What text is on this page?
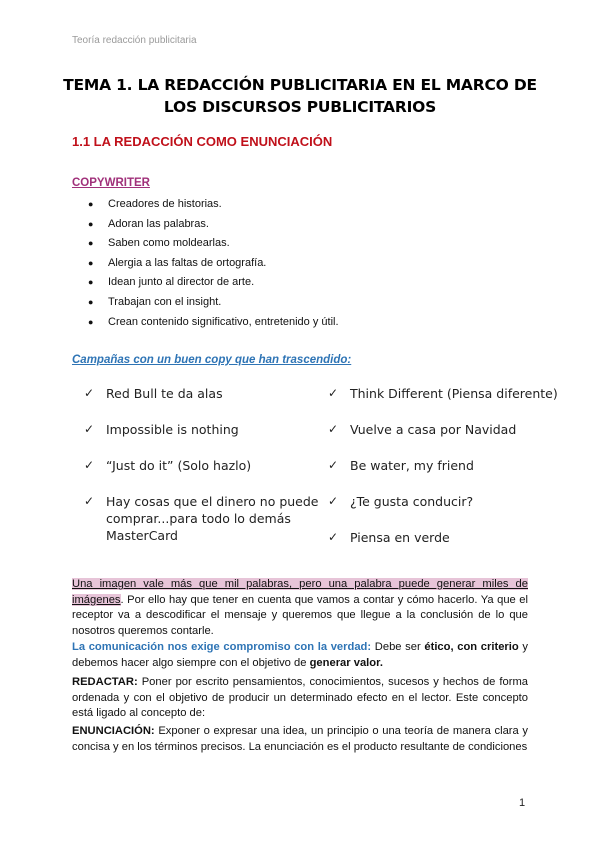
Teoría redacción publicitaria
TEMA 1. LA REDACCIÓN PUBLICITARIA EN EL MARCO DE LOS DISCURSOS PUBLICITARIOS
1.1 LA REDACCIÓN COMO ENUNCIACIÓN
COPYWRITER
●	Creadores de historias.
●	Adoran las palabras.
●	Saben como moldearlas.
●	Alergia a las faltas de ortografía.
●	Idean junto al director de arte.
●	Trabajan con el insight.
●	Crean contenido significativo, entretenido y útil.
Campañas con un buen copy que han trascendido:
✓ Red Bull te da alas
✓ Impossible is nothing
✓ “Just do it” (Solo hazlo)
✓ Hay cosas que el dinero no puede comprar...para todo lo demás MasterCard
✓ Think Different (Piensa diferente)
✓ Vuelve a casa por Navidad
✓ Be water, my friend
✓ ¿Te gusta conducir?
✓ Piensa en verde
Una imagen vale más que mil palabras, pero una palabra puede generar miles de imágenes. Por ello hay que tener en cuenta que vamos a contar y cómo hacerlo. Ya que el receptor va a descodificar el mensaje y queremos que llegue a la conclusión de lo que nosotros queremos contarle.
La comunicación nos exige compromiso con la verdad: Debe ser ético, con criterio y debemos hacer algo siempre con el objetivo de generar valor.
REDACTAR: Poner por escrito pensamientos, conocimientos, sucesos y hechos de forma ordenada y con el objetivo de producir un determinado efecto en el lector. Este concepto está ligado al concepto de:
ENUNCIACIÓN: Exponer o expresar una idea, un principio o una teoría de manera clara y concisa y en los términos precisos. La enunciación es el producto resultante de condiciones
1
